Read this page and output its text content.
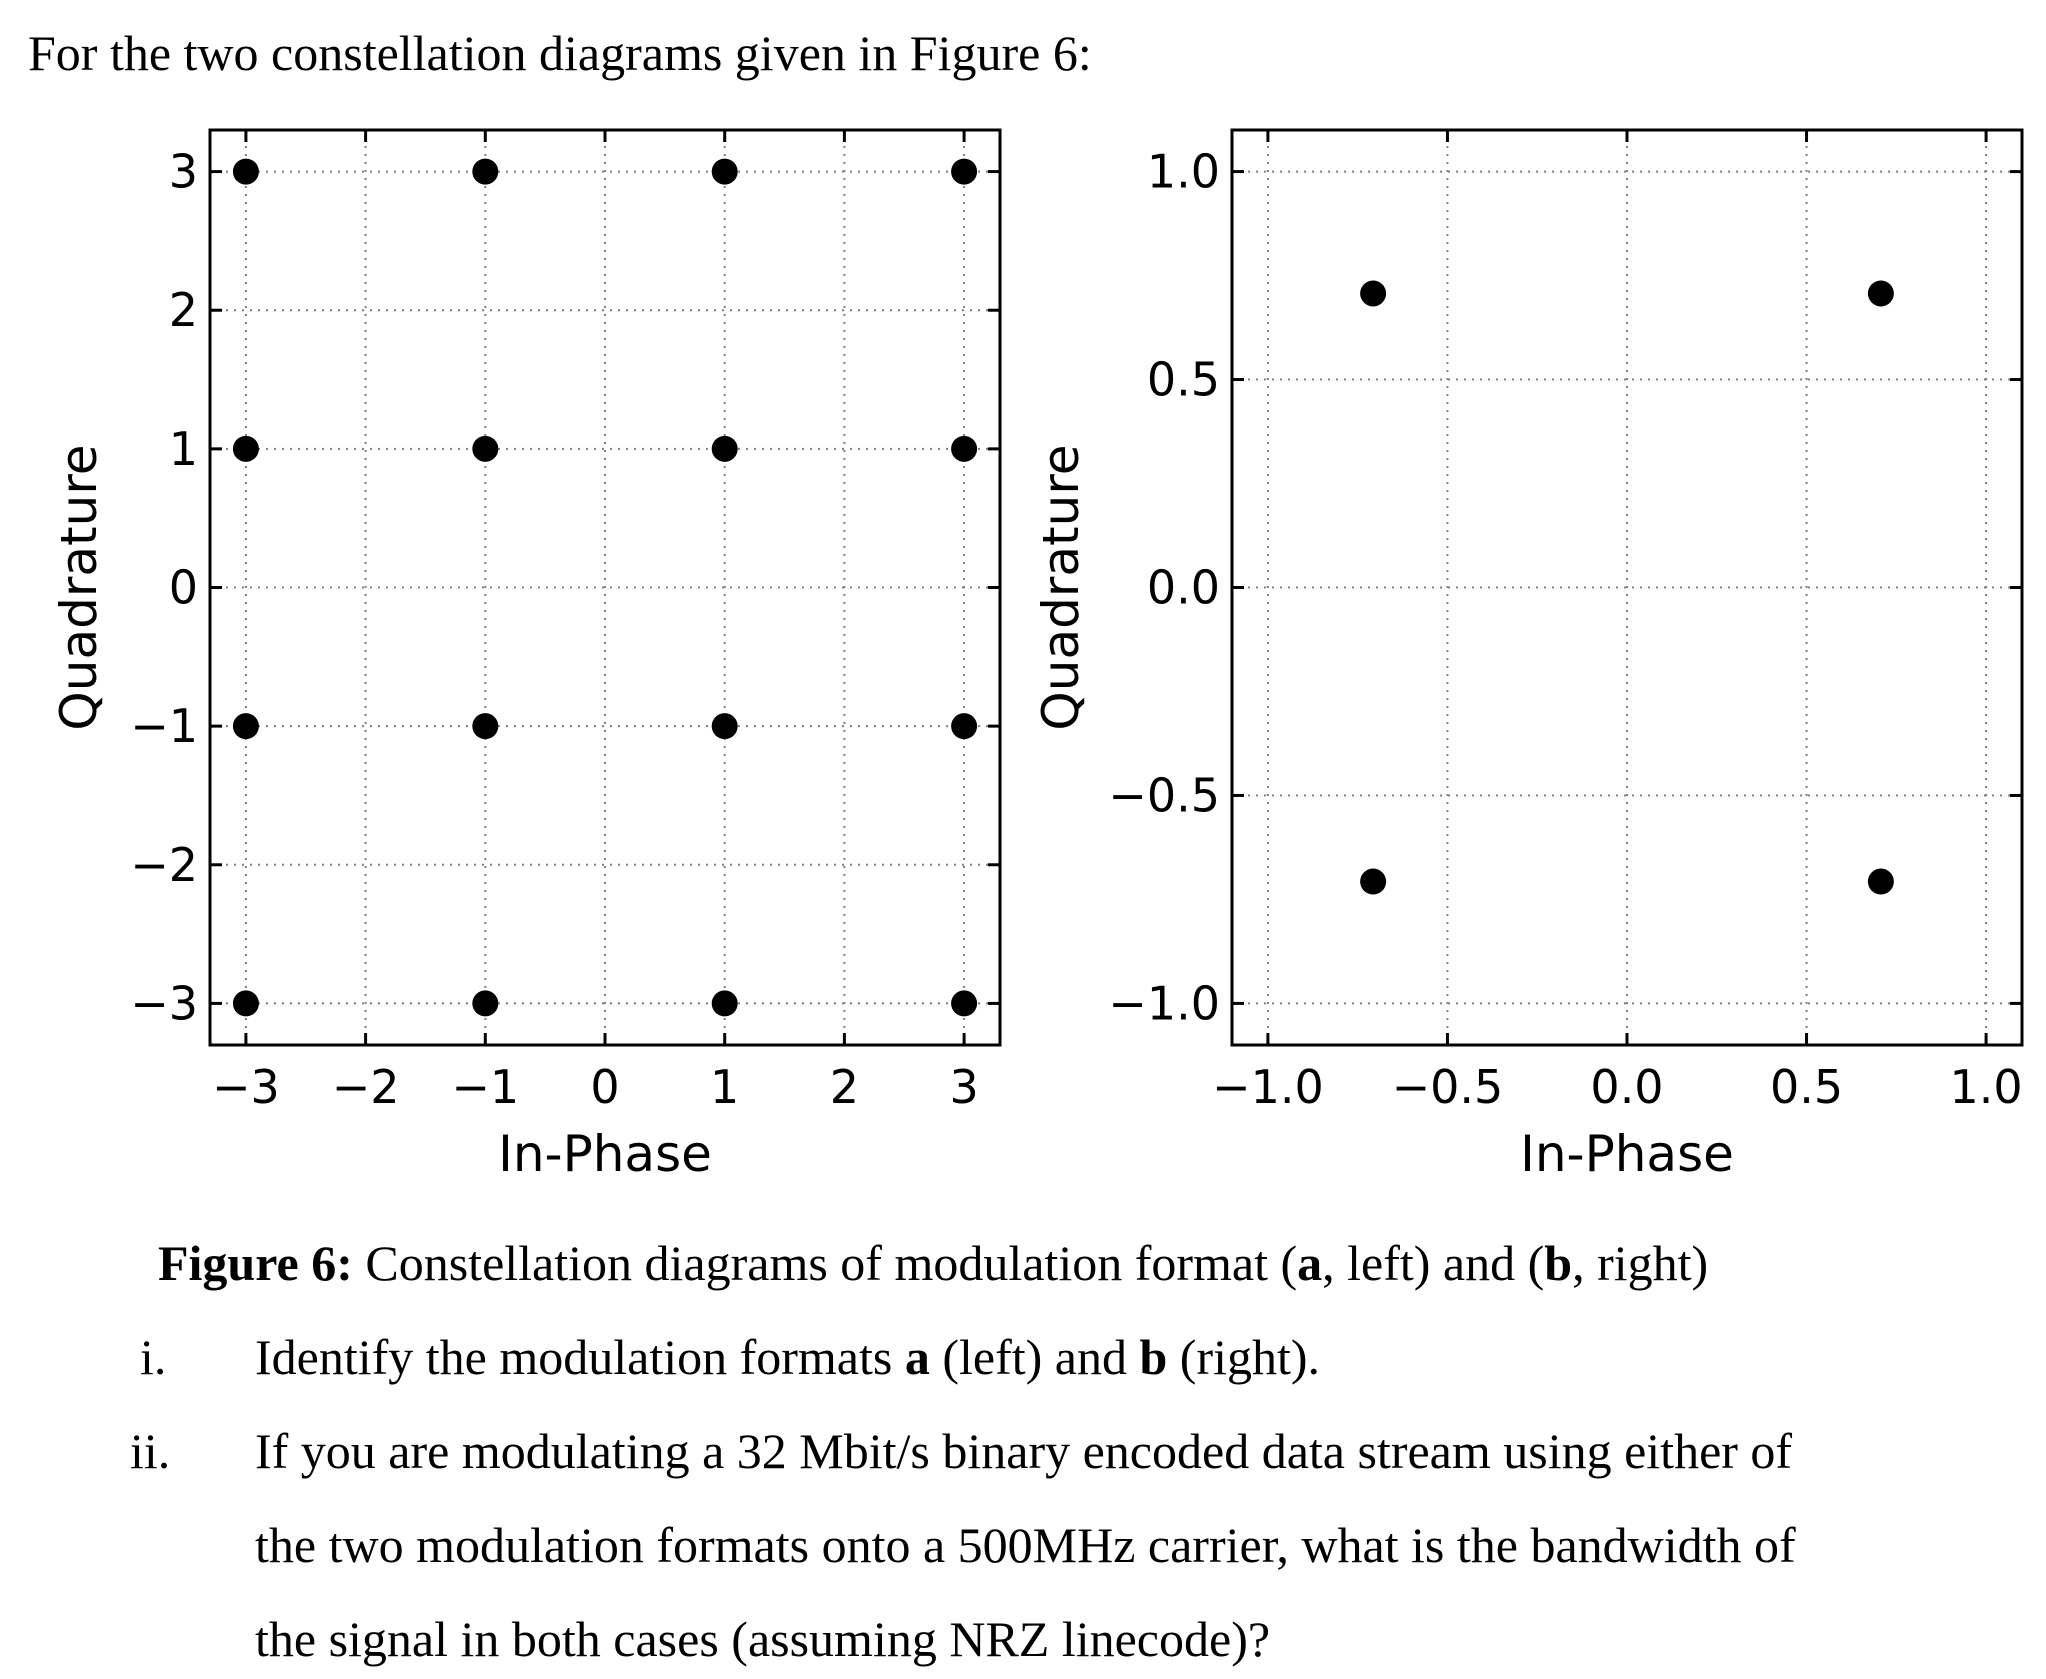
For the two constellation diagrams given in Figure 6:
−3 −2 −1 0 1 2 3
−3
−2
−1
0
1
2
3
In-Phase
Quadrature
−1.0 −0.5 0.0 0.5 1.0
−1.0
−0.5
0.0
0.5
1.0
In-Phase
Quadrature
Figure 6: Constellation diagrams of modulation format (a, left) and (b, right)
i. Identify the modulation formats a (left) and b (right).
ii. If you are modulating a 32 Mbit/s binary encoded data stream using either of
the two modulation formats onto a 500MHz carrier, what is the bandwidth of
the signal in both cases (assuming NRZ linecode)?
